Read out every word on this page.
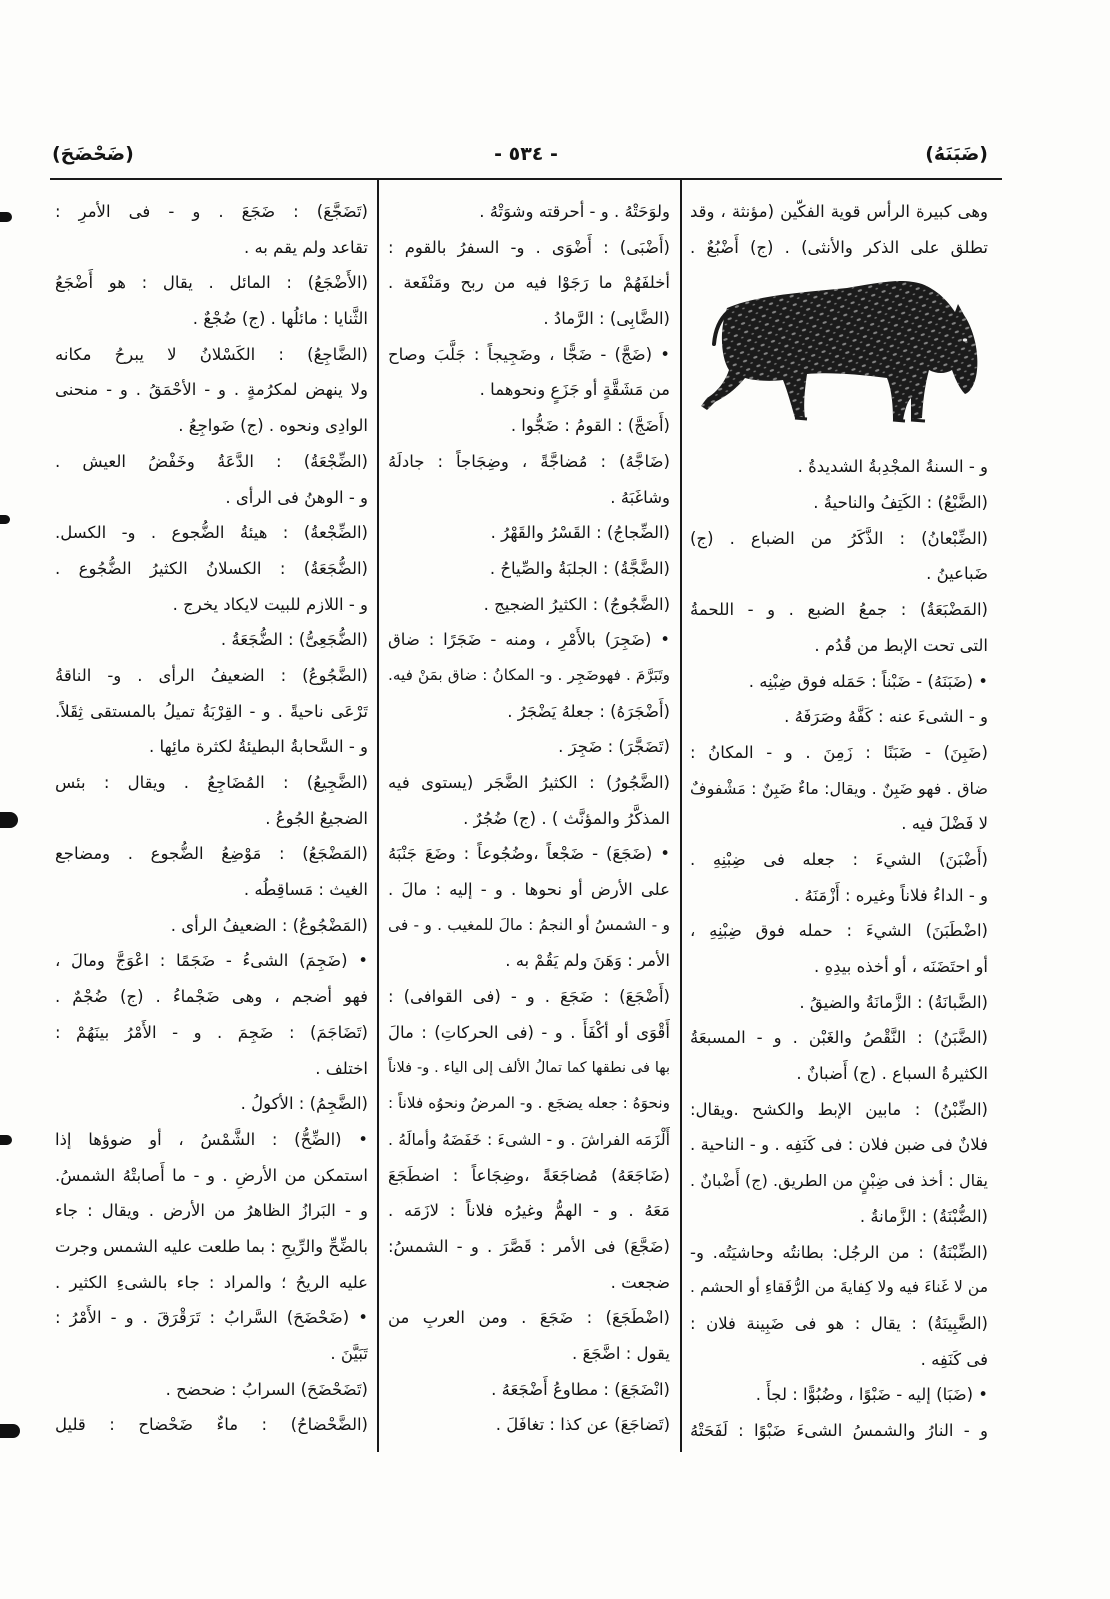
(ضَبَنَهُ)
- ٥٣٤ -
(ضَحْضَحَ)
وهى كبيرة الرأس قوية الفكّين (مؤنثة ، وقد
تطلق على الذكر والأنثى) . (ج) أَضْبُعٌ .
و - السنةُ المجْدِبةُ الشديدةُ .
(الضَّبْعُ) : الكَتِفُ والناحيةُ .
(الضِّبْعانُ) : الذَّكَرُ من الضباع . (ج)
ضَباعينُ .
(المَضْبَعَةُ) : جمعُ الضبع . و - اللحمةُ
التى تحت الإبط من قُدُم .
• (ضَبَنَهُ) - ضَبْناً : حَمَله فوق ضِبْنِه .
و - الشىءَ عنه : كَفَّهُ وصَرَفَهُ .
(ضَبِنَ) - ضَبَنًا : زَمِنَ . و - المكانُ :
ضاق . فهو ضَبِنٌ . ويقال: ماءٌ ضَبِنٌ : مَشْفوفٌ
لا فَضْلَ فيه .
(أَضْبَنَ) الشيءَ : جعله فى ضِبْنِهِ .
و - الداءُ فلاناً وغيره : أَزْمَنَهُ .
(اضْطَبَنَ) الشيءَ : حمله فوق ضِبْنِهِ ،
أو احتَضَنَه ، أو أخذه بيدِهِ .
(الضَّبانَةُ) : الزَّمانَةُ والضيقُ .
(الضَّبَنُ) : النَّقْصُ والغَبْن . و - المسبعَةُ
الكثيرةُ السباع . (ج) أَضبانٌ .
(الضِّبْنُ) : مابين الإبط والكشح .ويقال:
فلانٌ فى ضبن فلان : فى كَنَفِه . و - الناحية .
يقال : أخذ فى ضِبْنٍ من الطريق. (ج) أَضْبانٌ .
(الضُّبْنَةُ) : الزَّمانةُ .
(الضِّبْنَةُ) : من الرجُل: بطانتُه وحاشيَتُه. و-
من لا غَناءَ فيه ولا كِفايةَ من الرُّفَقاءِ أو الحشم .
(الضَّبِينَةُ) : يقال : هو فى ضَبِينة فلان :
فى كَنَفِه .
• (ضَبَا) إليه - ضَبْوًا ، وضُبُوًّا : لجأَ .
و - النارُ والشمسُ الشىءَ ضَبْوًا : لَفَحَتْهُ
ولوَحَتْهُ . و - أحرقته وشوَتْهُ .
(أَضْبَى) : أَضْوَى . و- السفرُ بالقوم :
أخلفَهُمْ ما رَجَوْا فيه من ربح ومَنْفَعة .
(الضَّابِى) : الرَّمادُ .
• (ضَجَّ) - ضَجًّا ، وضَجِيجاً : جَلَّبَ وصاح
من مَشَقَّةٍ أو جَزَعٍ ونحوهما .
(أَضَجَّ) : القومُ : ضَجُّوا .
(ضَاجَّهُ) : مُضاجَّةً ، وضِجَاجاً : جادلَهُ
وشاغَبَهُ .
(الضِّجاجُ) : القَسْرُ والقَهْرُ .
(الضَّجَّةُ) : الجلبَةُ والصِّياحُ .
(الضَّجُوجُ) : الكثيرُ الضجيج .
• (ضَجِرَ) بالأَمْرِ ، ومنه - ضَجَرًا : ضاق
وتَبَرَّمَ . فهوضَجِر . و- المكانُ : ضاق بمَنْ فيه.
(أَضْجَرَهُ) : جعلهُ يَضْجَرُ .
(تَضَجَّرَ) : ضَجِرَ .
(الضَّجُورُ) : الكثيرُ الضَّجَر (يستوى فيه
المذكَّرُ والمؤنَّث ) . (ج) ضُجُرٌ .
• (ضَجَعَ) - ضَجْعاً ،وضُجُوعاً : وضَعَ جَنْبَهُ
على الأرض أو نحوها . و - إليه : مالَ .
و - الشمسُ أو النجمُ : مالَ للمغيب . و - فى
الأمر : وَهَنَ ولم يَقُمْ به .
(أَضْجَعَ) : ضَجَعَ . و - (فى القوافى) :
أَقْوَى أو أكْفَأَ . و - (فى الحركاتِ) : مالَ
بها فى نطقها كما تمالُ الألف إلى الياء . و- فلاناً
ونحوَهُ : جعله يضجَع . و- المرضُ ونحوُه فلاناً :
أَلْزَمَه الفراشَ . و - الشىءَ : خَفَضَهُ وأمالَهُ .
(ضَاجَعَهُ) مُضاجَعَةً ،وضِجَاعاً : اضطَجَعَ
مَعَهُ . و - الهمُّ وغيرُه فلاناً : لازَمَه .
(ضَجَّعَ) فى الأمر : قَصَّرَ . و - الشمسُ:
ضجعت .
(اضْطَجَعَ) : ضَجَعَ . ومن العربِ من
يقول : اضَّجَعَ .
(انْضَجَعَ) : مطاوعُ أَضْجَعَهُ .
(تَضاجَعَ) عن كذا : تغافَلَ .
(تَضَجَّعَ) : ضَجَعَ . و - فى الأمرِ :
تقاعد ولم يقم به .
(الأَضْجَعُ) : المائل . يقال : هو أَضْجَعُ
الثَّنايا : مائلُها . (ج) ضُجْعٌ .
(الضَّاجِعُ) : الكَسْلانُ لا يبرحُ مكانه
ولا ينهض لمكرُمةٍ . و - الأحْمَقُ . و - منحنى
الوادِى ونحوه . (ج) ضَواجِعُ .
(الضِّجْعَةُ) : الدَّعَةُ وخَفْضُ العيش .
و - الوهنُ فى الرأى .
(الضِّجْعةُ) : هيئةُ الضُّجوع . و- الكسل.
(الضُّجَعَةُ) : الكسلانُ الكثيرُ الضُّجُوع .
و - اللازم للبيت لايكاد يخرج .
(الضُّجَعِىُّ) : الضُّجَعَةُ .
(الضَّجُوعُ) : الضعيفُ الرأى . و- الناقةُ
تَرْعَى ناحيةً . و - القِرْبَةُ تميلُ بالمستقى ثِقَلاً.
و - السَّحابةُ البطيئةُ لكثرة مائِها .
(الضَّجِيعُ) : المُضَاجِعُ . ويقال : بئس
الضجيعُ الجُوعُ .
(المَضْجَعُ) : مَوْضِعُ الضُّجوع . ومضاجع
الغيث : مَساقِطُه .
(المَضْجُوعُ) : الضعيفُ الرأى .
• (ضَجِمَ) الشىءُ - ضَجَمًا : اعْوَجَّ ومالَ ،
فهو أضجم ، وهى ضَجْماءُ . (ج) ضُجْمٌ .
(تَضَاجَمَ) : ضَجِمَ . و - الأَمْرُ بينَهُمْ :
اختلف .
(الضَّجِمُ) : الأكولُ .
• (الضِّحُّ) : الشَّمْسُ ، أو ضوؤها إذا
استمكن من الأرضِ . و - ما أَصابتْهُ الشمسُ.
و - البَرازُ الظاهرُ من الأرض . ويقال : جاء
بالضِّحِّ والرِّيحِ : بما طلعت عليه الشمس وجرت
عليه الريحُ ؛ والمراد : جاء بالشىءِ الكثير .
• (ضَحْضَحَ) السَّرابُ : تَرَقْرَقَ . و - الأَمْرُ :
تَبَيَّنَ .
(تَضَحْضَحَ) السرابُ : ضحضح .
(الضَّحْضاحُ) : ماءٌ ضَحْضاح : قليل
